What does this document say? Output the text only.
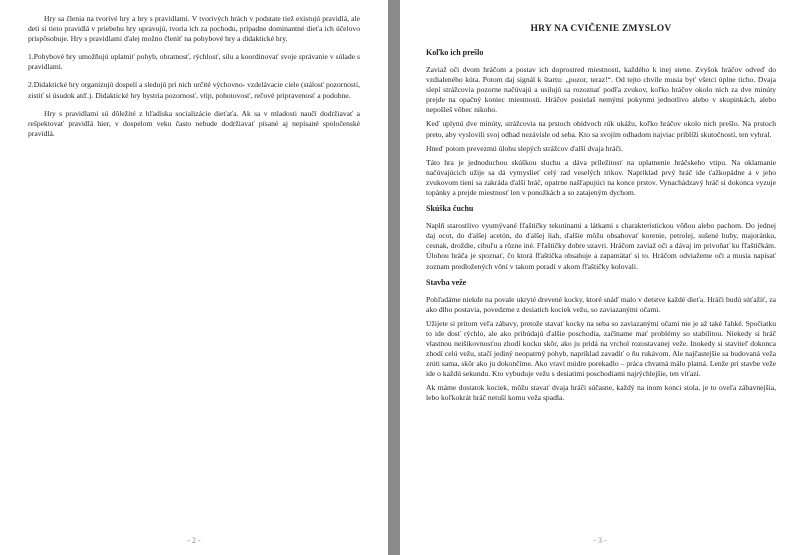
Hry sa členia na tvorivé hry a hry s pravidlami. V tvorivých hrách v podstate tiež existujú pravidlá, ale deti si tieto pravidlá v priebehu hry upravujú, tvoria ich za pochodu, prípadne dominantné dieťa ich účelovo prispôsobuje. Hry s pravidlami ďalej možno členiť na pohybové hry a didaktické hry.

1.Pohybové hry umožňujú uplatniť pohyb, obratnosť, rýchlosť, silu a koordinovať svoje správanie v súlade s pravidlami.

2.Didaktické hry organizujú dospelí a sledujú pri nich určité výchovno- vzdelávacie ciele (stálosť pozornosti, zistiť si úsudok atď.). Didaktické hry bystria pozornosť, vtip, pohotovosť, rečové pripravenosť a podobne.

Hry s pravidlami sú dôležité z hľadiska socializácie dieťaťa. Ak sa v mladosti naučí dodržiavať a rešpektovať pravidlá hier, v dospelom veku často nebude dodržiavať písané aj nepísané spoločenské pravidlá.

- 2 -
HRY NA CVIČENIE ZMYSLOV
Koľko ich prešlo

Zaviaž oči dvom hráčom a postav ich doprostred miestnosti, každého k inej stene. Zvyšok hráčov odveď do vzdialeného kúta. Potom daj signál k štartu: „pozor, teraz!“. Od tejto chvíle musia byť všetci úplne ticho. Dvaja slepí strážcovia pozorne načúvajú a usilujú sa rozoznať podľa zvukov, koľko hráčov okolo nich za dve minúty prejde na opačný koniec miestnosti. Hráčov posielaš nemými pokynmi jednotlivo alebo v skupinkách, alebo nepošleš vôbec nikoho.

Keď uplynú dve minúty, strážcovia na prstoch obidvoch rúk ukážu, koľko hráčov okolo nich prešlo. Na prstoch preto, aby vyslovili svoj odhad nezávisle od seba. Kto sa svojím odhadom najviac priblíži skutočnosti, ten vyhral.

Hneď potom prevezmú úlohu slepých strážcov ďalší dvaja hráči.

Táto hra je jednoduchou skúškou sluchu a dáva príležitosť na uplatnenie hráčskeho vtipu. Na oklamanie načúvajúcich užije sa dá vymyslieť celý rad veselých trikov. Napríklad prvý hráč ide ťažkopádne a v jeho zvukovom tieni sa zakráda ďalší hráč, opatrne našľapujúci na konce prstov. Vynachádzavý hráč si dokonca vyzuje topánky a prejde miestnosť len v ponožkách a so zatajeným dychom.

Skúška čuchu

Naplň starostlivo vyumývané fľaštičky tekutinami a látkami s charakteristickou vôňou alebo pachom. Do jednej daj ocot, do ďalšej acetón, do ďalšej liah, ďalšie môžu obsahovať korenie, petrolej, sušené huby, majoránku, cesnak, droždie, cibuľu a rôzne iné. Fľaštičky dobre uzavri. Hráčom zaviaž oči a dávaj im privoňať ku fľaštičkám. Úlohou hráča je spoznať, čo ktorá fľaštička obsahuje a zapamätať si to. Hráčom odviažeme oči a musia napísať zoznam predložených vôní v takom poradí v akom fľaštičky kolovali.

Stavba veže

Pohľadáme niekde na povale ukryté drevené kocky, ktoré snáď malo v detstve každé dieťa. Hráči budú súťažiť, za ako dlho postavia, povedzme z desiatich kociek vežu, so zaviazanými očami.

Užijete si pritom veľa zábavy, pretože stavať kocky na seba so zaviazanými očami nie je až také ľahké. Spočiatku to ide dosť rýchlo, ale ako pribúdajú ďalšie poschodia, začíname mať problémy so stabilitou. Niekedy si hráč vlastnou neišikovnosťou zhodí kocku skôr, ako ju pridá na vrchol rozostavanej veže. Inokedy si staviteľ dokonca zhodí celú vežu, stačí jediný neopatrný pohyb, napríklad zavadiť o ňu rukávom. Ale najčastejšie sa budovaná veža zrúti sama, skôr ako ju dokončíme. Ako vraví múdre porekadlo – práca chvatná málo platná. Lenže pri stavbe veže ide o každú sekundu. Kto vybuduje vežu s desiatimi poschodiami najrýchlejšie, ten víťazí.

Ak máme dostatok kociek, môžu stavať dvaja hráči súčasne, každý na inom konci stola, je to oveľa zábavnejšia, lebo koľkokrát hráč netuší komu veža spadla.

- 3 -
